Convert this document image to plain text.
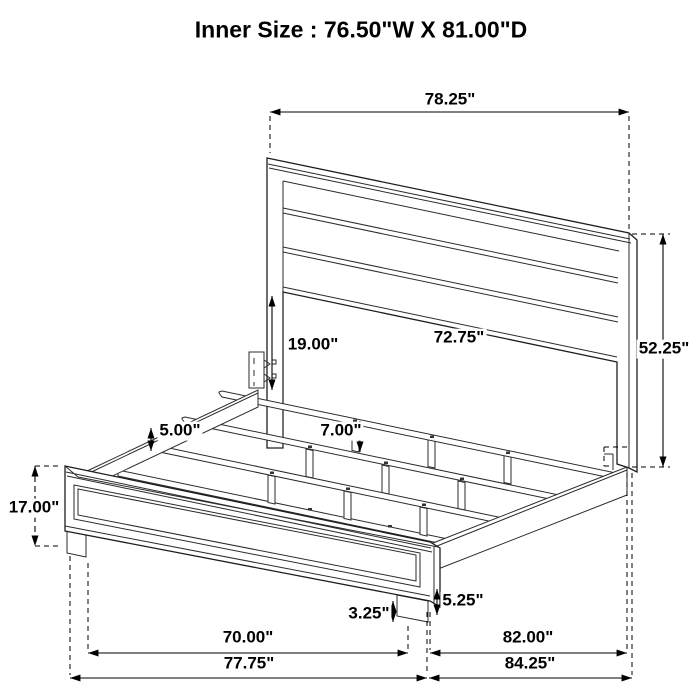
Inner Size : 76.50"W X 81.00"D
78.25"
52.25"
72.75"
19.00"
5.00"	7.00"
17.00"
3.25"
5.25"
70.00"
77.75"
82.00"
84.25"
